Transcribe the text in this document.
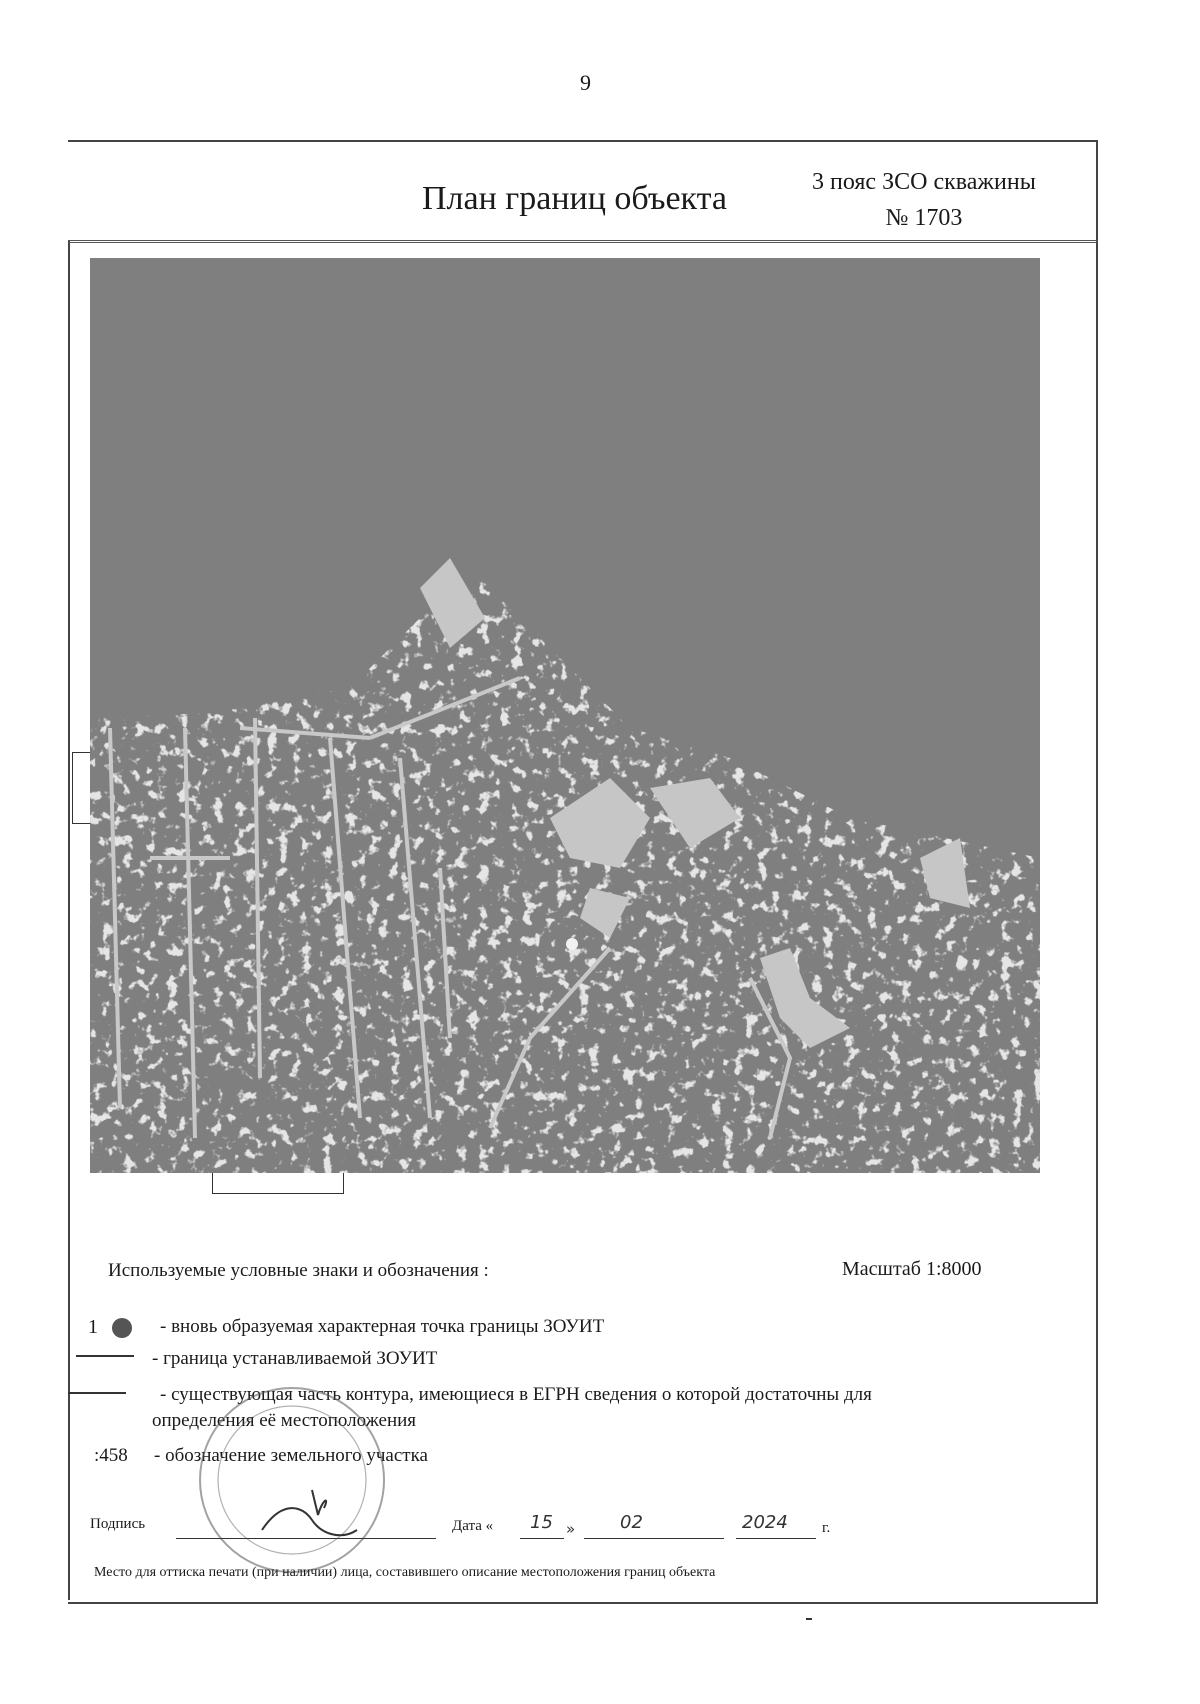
9
План границ объекта	3 пояс ЗСО скважины
№ 1703
Используемые условные знаки и обозначения :	Масштаб 1:8000
1	- вновь образуемая характерная точка границы ЗОУИТ
- граница устанавливаемой ЗОУИТ
- существующая часть контура, имеющиеся в ЕГРН сведения о которой достаточны для
определения её местоположения
:458 - обозначение земельного участка
Подпись	Дата « 15 » 02	2024 г.
Место для оттиска печати (при наличии) лица, составившего описание местоположения границ объекта
